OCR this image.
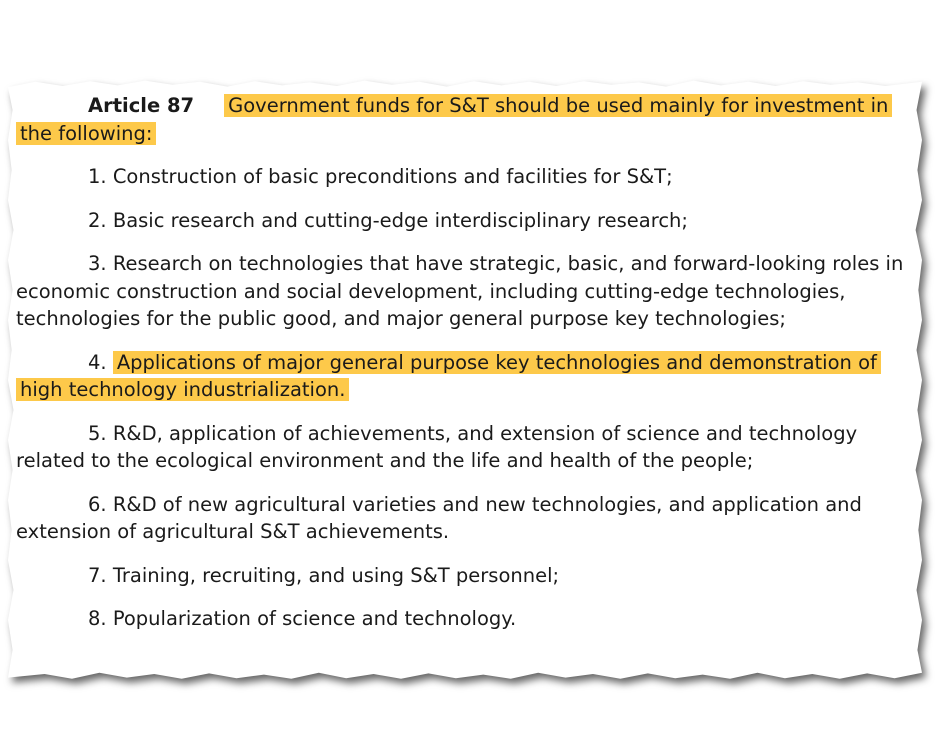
Article 87 Government funds for S&T should be used mainly for investment in the following:

1. Construction of basic preconditions and facilities for S&T;

2. Basic research and cutting-edge interdisciplinary research;

3. Research on technologies that have strategic, basic, and forward-looking roles in economic construction and social development, including cutting-edge technologies, technologies for the public good, and major general purpose key technologies;

4. Applications of major general purpose key technologies and demonstration of high technology industrialization.

5. R&D, application of achievements, and extension of science and technology related to the ecological environment and the life and health of the people;

6. R&D of new agricultural varieties and new technologies, and application and extension of agricultural S&T achievements.

7. Training, recruiting, and using S&T personnel;

8. Popularization of science and technology.
